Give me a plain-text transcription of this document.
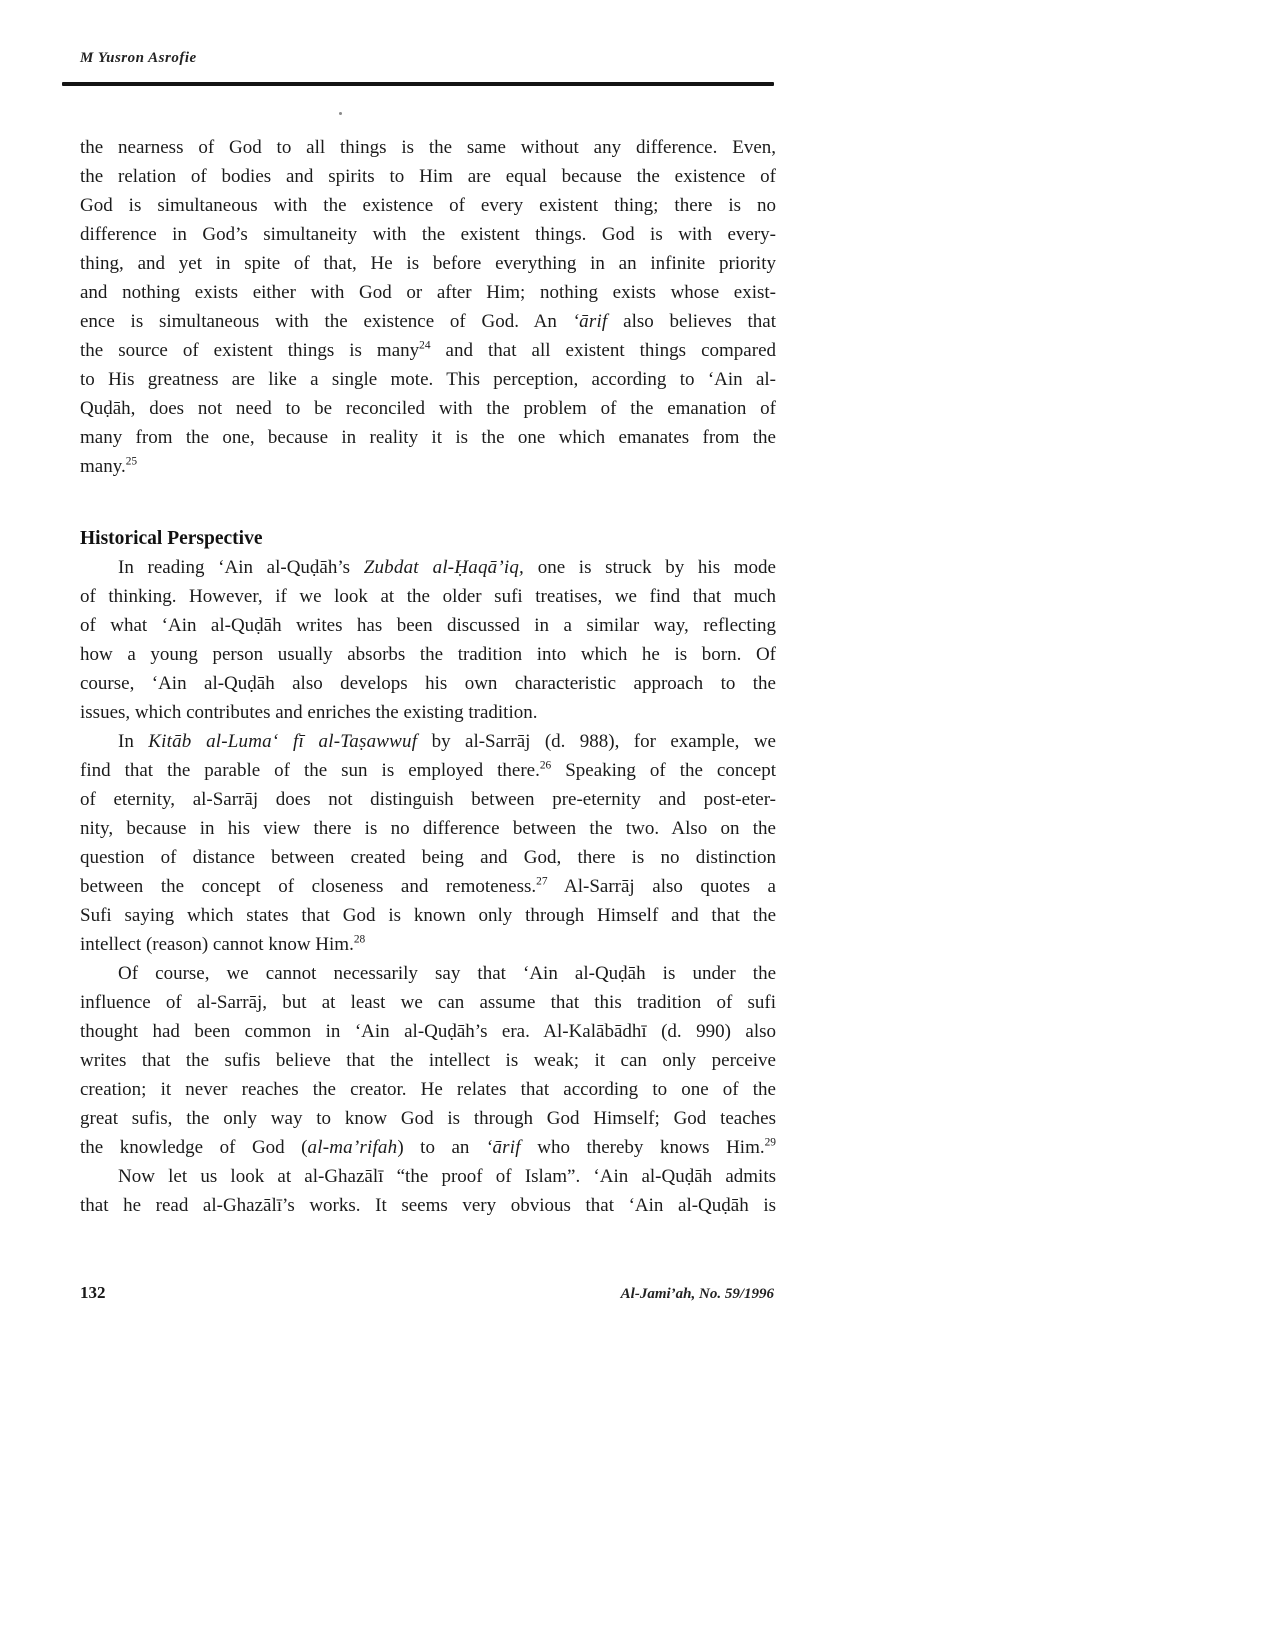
M Yusron Asrofie
the nearness of God to all things is the same without any difference. Even,
the relation of bodies and spirits to Him are equal because the existence of
God is simultaneous with the existence of every existent thing; there is no
difference in God’s simultaneity with the existent things. God is with every-
thing, and yet in spite of that, He is before everything in an infinite priority
and nothing exists either with God or after Him; nothing exists whose exist-
ence is simultaneous with the existence of God. An ‘ārif also believes that
the source of existent things is many$^{24}$ and that all existent things compared
to His greatness are like a single mote. This perception, according to ‘Ain al-
Quḍāh, does not need to be reconciled with the problem of the emanation of
many from the one, because in reality it is the one which emanates from the
many.$^{25}$
Historical Perspective
In reading ‘Ain al-Quḍāh’s Zubdat al-Ḥaqā’iq, one is struck by his mode
of thinking. However, if we look at the older sufi treatises, we find that much
of what ‘Ain al-Quḍāh writes has been discussed in a similar way, reflecting
how a young person usually absorbs the tradition into which he is born. Of
course, ‘Ain al-Quḍāh also develops his own characteristic approach to the
issues, which contributes and enriches the existing tradition.
In Kitāb al-Luma‘ fī al-Taṣawwuf by al-Sarrāj (d. 988), for example, we
find that the parable of the sun is employed there.$^{26}$ Speaking of the concept
of eternity, al-Sarrāj does not distinguish between pre-eternity and post-eter-
nity, because in his view there is no difference between the two. Also on the
question of distance between created being and God, there is no distinction
between the concept of closeness and remoteness.$^{27}$ Al-Sarrāj also quotes a
Sufi saying which states that God is known only through Himself and that the
intellect (reason) cannot know Him.$^{28}$
Of course, we cannot necessarily say that ‘Ain al-Quḍāh is under the
influence of al-Sarrāj, but at least we can assume that this tradition of sufi
thought had been common in ‘Ain al-Quḍāh’s era. Al-Kalābādhī (d. 990) also
writes that the sufis believe that the intellect is weak; it can only perceive
creation; it never reaches the creator. He relates that according to one of the
great sufis, the only way to know God is through God Himself; God teaches
the knowledge of God (al-ma’rifah) to an ‘ārif who thereby knows Him.$^{29}$
Now let us look at al-Ghazālī “the proof of Islam”. ‘Ain al-Quḍāh admits
that he read al-Ghazālī’s works. It seems very obvious that ‘Ain al-Quḍāh is
132	Al-Jami’ah, No. 59/1996
